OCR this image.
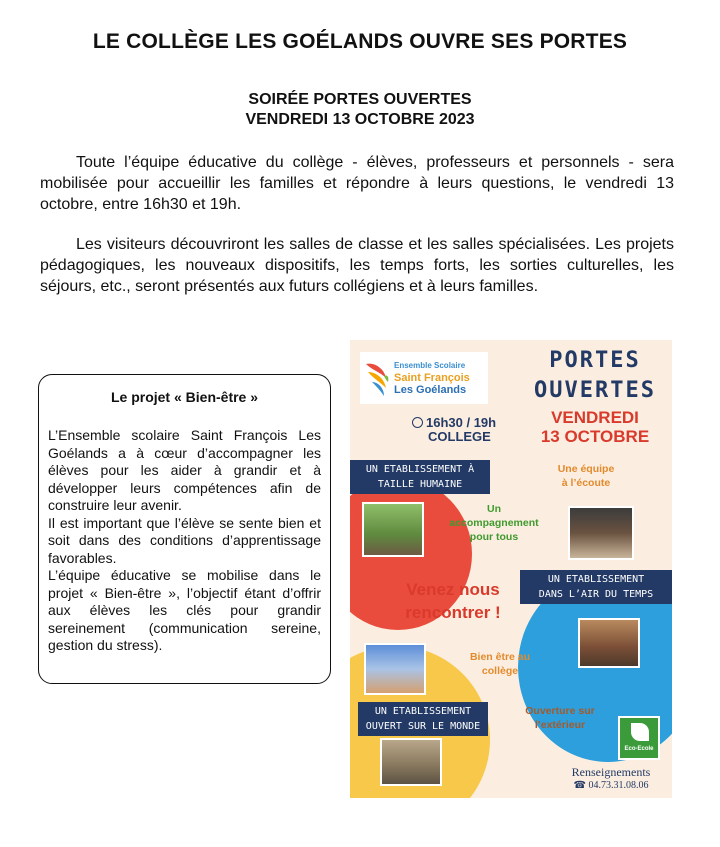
LE COLLÈGE LES GOÉLANDS OUVRE SES PORTES
SOIRÉE PORTES OUVERTES
VENDREDI 13 OCTOBRE 2023

Toute l’équipe éducative du collège - élèves, professeurs et personnels - sera mobilisée pour accueillir les familles et répondre à leurs questions, le vendredi 13 octobre, entre 16h30 et 19h.

Les visiteurs découvriront les salles de classe et les salles spécialisées. Les projets pédagogiques, les nouveaux dispositifs, les temps forts, les sorties culturelles, les séjours, etc., seront présentés aux futurs collégiens et à leurs familles.

Le projet « Bien-être »

L’Ensemble scolaire Saint François Les Goélands a à cœur d’accompagner les élèves pour les aider à grandir et à développer leurs compétences afin de construire leur avenir.

Il est important que l’élève se sente bien et soit dans des conditions d’apprentissage favorables.

L’équipe éducative se mobilise dans le projet « Bien-être », l’objectif étant d’offrir aux élèves les clés pour grandir sereinement (communication sereine, gestion du stress).

Ensemble Scolaire
Saint François
Les Goélands
PORTES
OUVERTES
VENDREDI
13 OCTOBRE
16h30 / 19h
COLLEGE
UN ETABLISSEMENT À
TAILLE HUMAINE
Une équipe
à l’écoute
Un
accompagnement
pour tous
UN ETABLISSEMENT
DANS L’AIR DU TEMPS
Venez nous
rencontrer !
Bien être au
collège
UN ETABLISSEMENT
OUVERT SUR LE MONDE
Ouverture sur
l’extérieur
Eco-Ecole
Renseignements
☎ 04.73.31.08.06
